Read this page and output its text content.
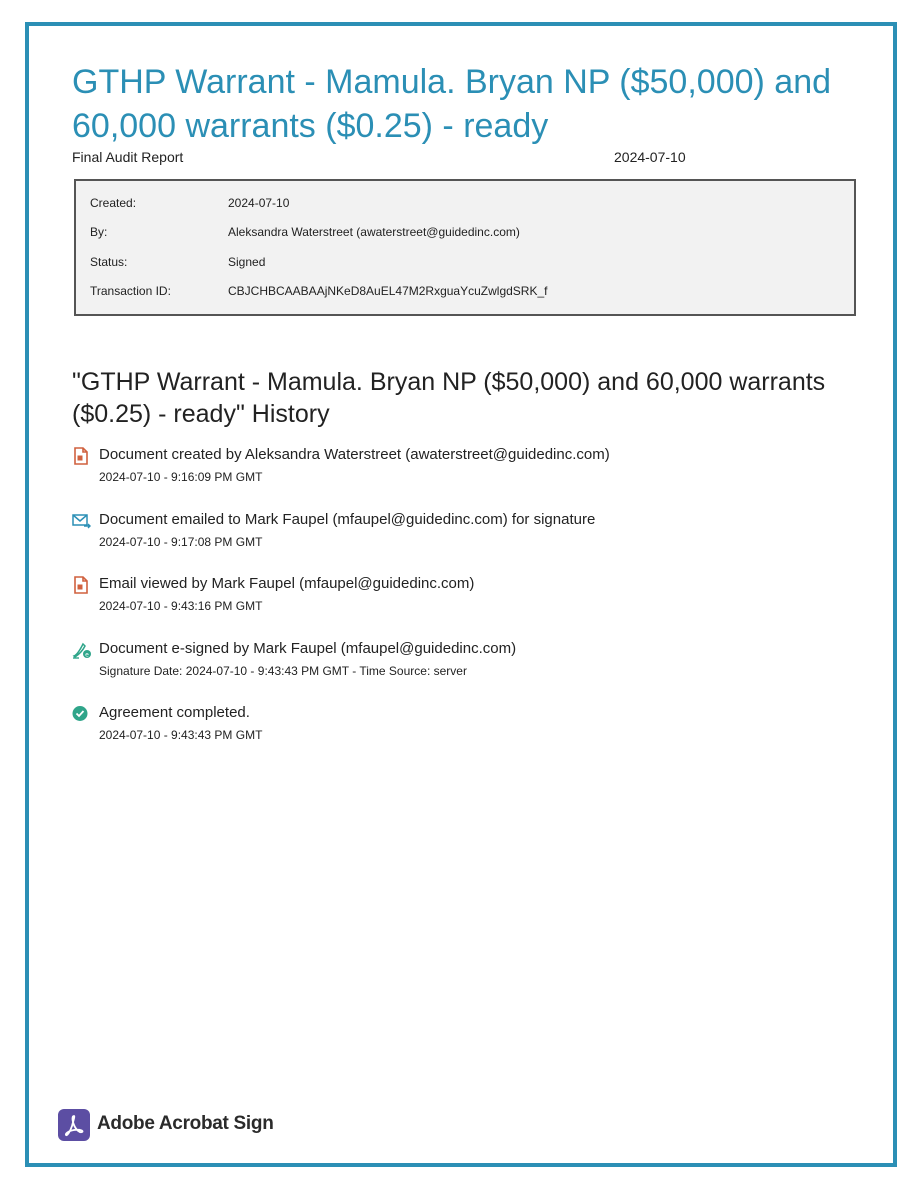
GTHP Warrant - Mamula. Bryan NP ($50,000) and 60,000 warrants ($0.25) - ready
Final Audit Report	2024-07-10
Created:	2024-07-10
By:	Aleksandra Waterstreet (awaterstreet@guidedinc.com)
Status:	Signed
Transaction ID:	CBJCHBCAABAAjNKeD8AuEL47M2RxguaYcuZwlgdSRK_f
"GTHP Warrant - Mamula. Bryan NP ($50,000) and 60,000 warrants ($0.25) - ready" History
Document created by Aleksandra Waterstreet (awaterstreet@guidedinc.com)
2024-07-10 - 9:16:09 PM GMT
Document emailed to Mark Faupel (mfaupel@guidedinc.com) for signature
2024-07-10 - 9:17:08 PM GMT
Email viewed by Mark Faupel (mfaupel@guidedinc.com)
2024-07-10 - 9:43:16 PM GMT
e Document e-signed by Mark Faupel (mfaupel@guidedinc.com)
Signature Date: 2024-07-10 - 9:43:43 PM GMT - Time Source: server
Agreement completed.
2024-07-10 - 9:43:43 PM GMT
Adobe Acrobat Sign
